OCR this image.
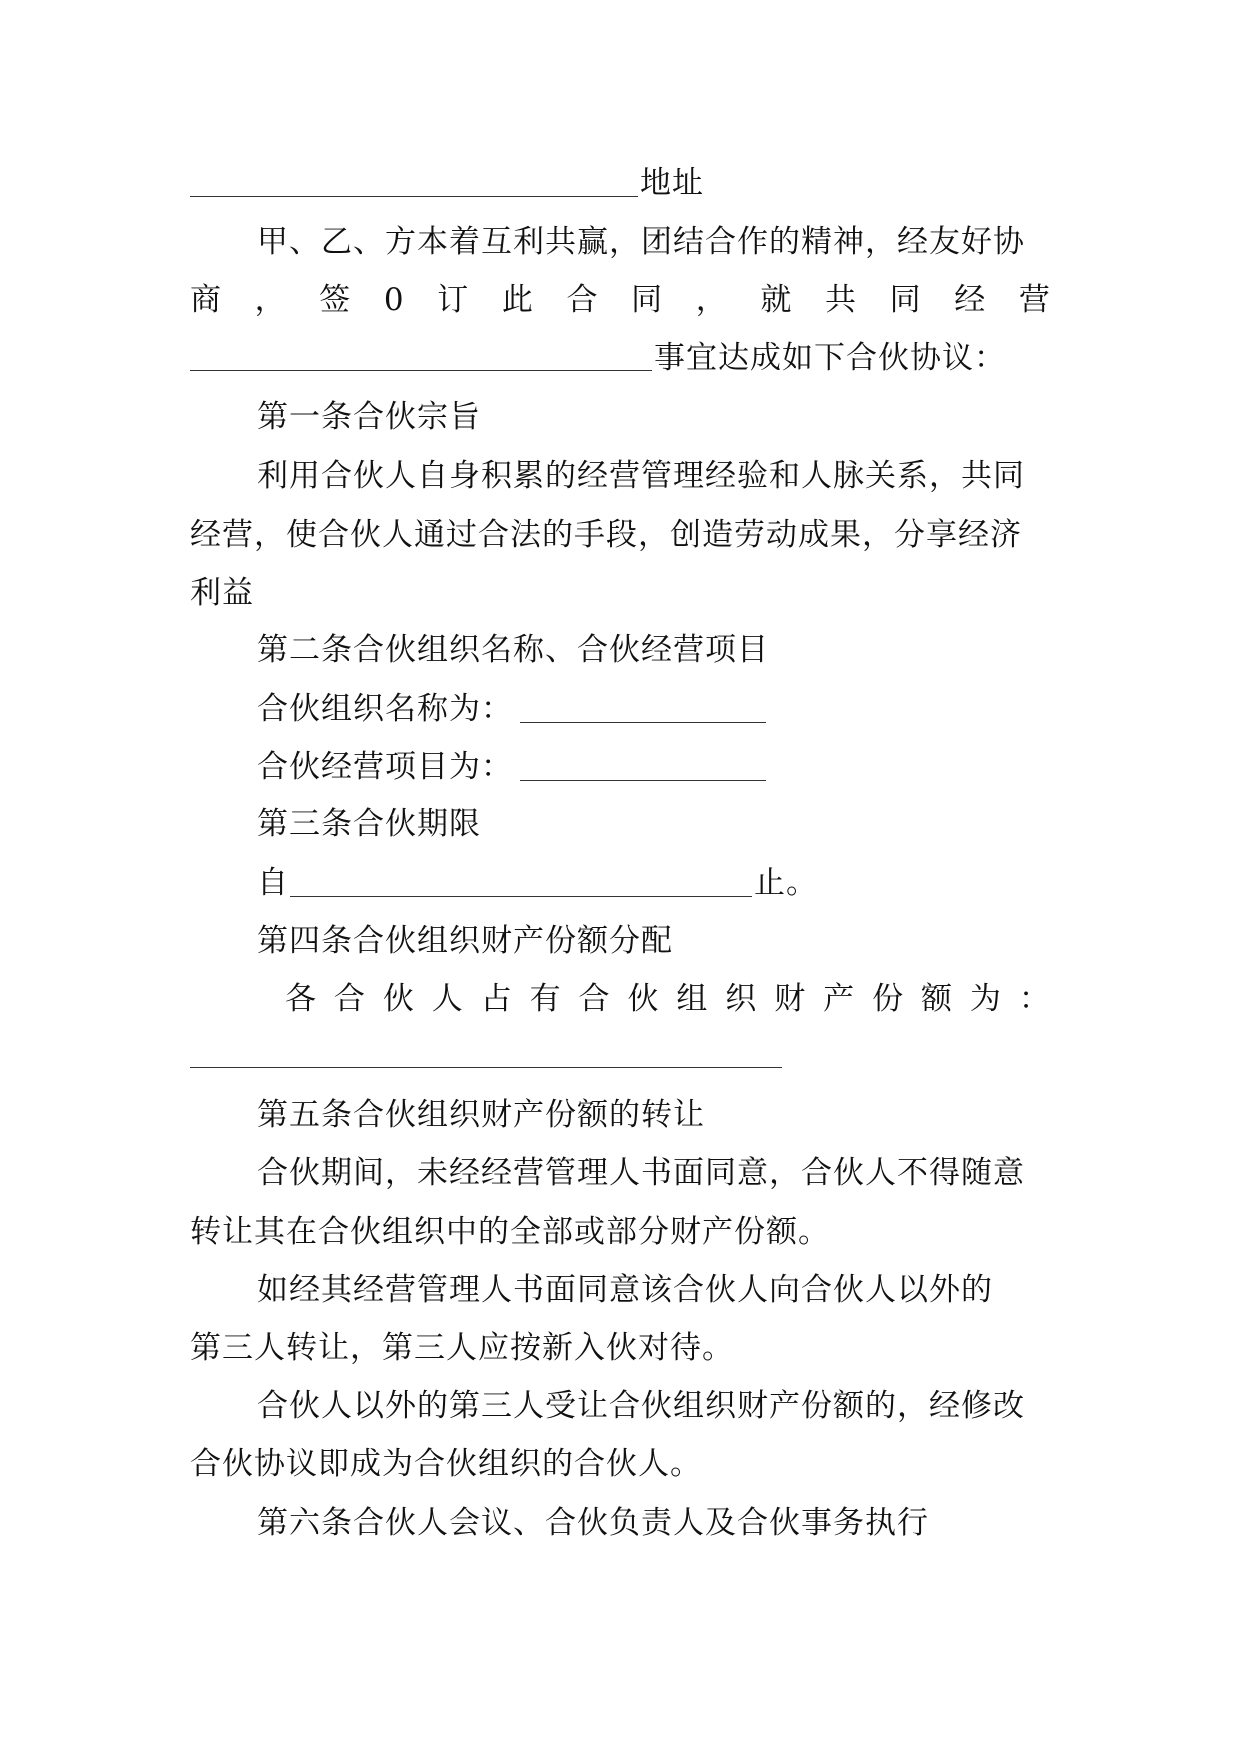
地址
甲、乙、方本着互利共赢，团结合作的精神，经友好协
商 ， 签 0 订 此 合 同 ， 就 共 同 经 营
事宜达成如下合伙协议：
第一条合伙宗旨
利用合伙人自身积累的经营管理经验和人脉关系，共同
经营，使合伙人通过合法的手段，创造劳动成果，分享经济
利益
第二条合伙组织名称、合伙经营项目
合伙组织名称为：
合伙经营项目为：
第三条合伙期限
自	止。
第四条合伙组织财产份额分配
各 合 伙 人 占 有 合 伙 组 织 财 产 份 额 为 ：
第五条合伙组织财产份额的转让
合伙期间，未经经营管理人书面同意，合伙人不得随意
转让其在合伙组织中的全部或部分财产份额。
如经其经营管理人书面同意该合伙人向合伙人以外的
第三人转让，第三人应按新入伙对待。
合伙人以外的第三人受让合伙组织财产份额的，经修改
合伙协议即成为合伙组织的合伙人。
第六条合伙人会议、合伙负责人及合伙事务执行
